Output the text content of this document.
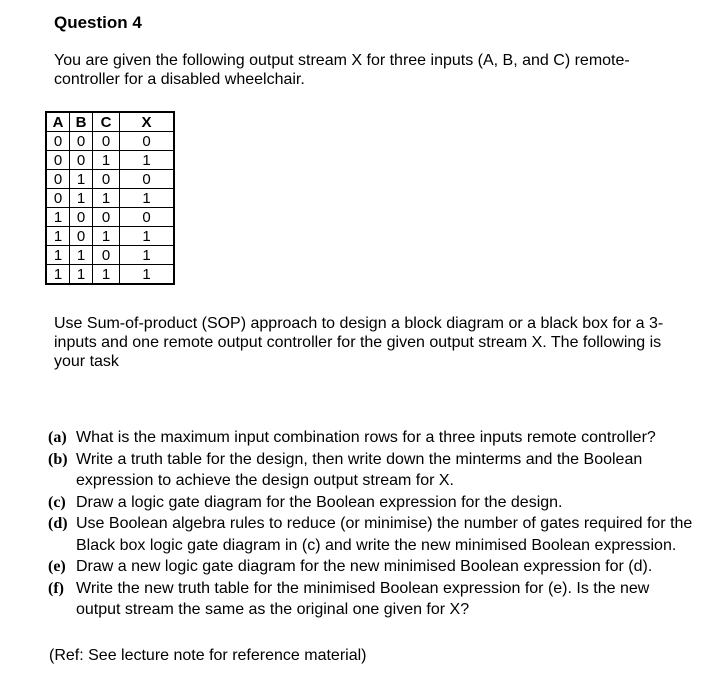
Question 4
You are given the following output stream X for three inputs (A, B, and C) remote-controller for a disabled wheelchair.
A	B	C	X
0	0	0	0
0	0	1	1
0	1	0	0
0	1	1	1
1	0	0	0
1	0	1	1
1	1	0	1
1	1	1	1
Use Sum-of-product (SOP) approach to design a block diagram or a black box for a 3-inputs and one remote output controller for the given output stream X. The following is your task
(a) What is the maximum input combination rows for a three inputs remote controller?
(b) Write a truth table for the design, then write down the minterms and the Boolean expression to achieve the design output stream for X.
(c) Draw a logic gate diagram for the Boolean expression for the design.
(d) Use Boolean algebra rules to reduce (or minimise) the number of gates required for the Black box logic gate diagram in (c) and write the new minimised Boolean expression.
(e) Draw a new logic gate diagram for the new minimised Boolean expression for (d).
(f) Write the new truth table for the minimised Boolean expression for (e). Is the new output stream the same as the original one given for X?
(Ref: See lecture note for reference material)
